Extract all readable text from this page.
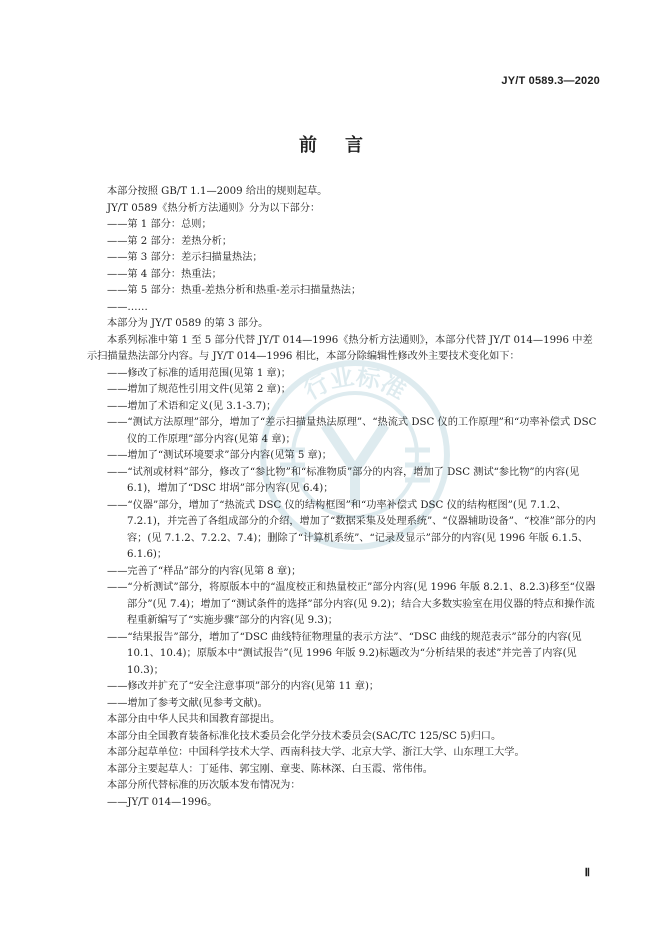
行业标准
JY/T 0589.3—2020
前言
本部分按照 GB/T 1.1—2009 给出的规则起草。
JY/T 0589《热分析方法通则》分为以下部分：
——第 1 部分：总则；
——第 2 部分：差热分析；
——第 3 部分：差示扫描量热法；
——第 4 部分：热重法；
——第 5 部分：热重-差热分析和热重-差示扫描量热法；
——……
本部分为 JY/T 0589 的第 3 部分。
本系列标准中第 1 至 5 部分代替 JY/T 014—1996《热分析方法通则》，本部分代替 JY/T 014—1996 中差示扫描量热法部分内容。与 JY/T 014—1996 相比，本部分除编辑性修改外主要技术变化如下：
——修改了标准的适用范围(见第 1 章)；
——增加了规范性引用文件(见第 2 章)；
——增加了术语和定义(见 3.1-3.7)；
——“测试方法原理”部分，增加了“差示扫描量热法原理”、“热流式 DSC 仪的工作原理”和“功率补偿式 DSC 仪的工作原理”部分内容(见第 4 章)；
——增加了“测试环境要求”部分内容(见第 5 章)；
——“试剂或材料”部分，修改了“参比物”和“标准物质”部分的内容，增加了 DSC 测试“参比物”的内容(见 6.1)，增加了“DSC 坩埚”部分内容(见 6.4)；
——“仪器”部分，增加了“热流式 DSC 仪的结构框图”和“功率补偿式 DSC 仪的结构框图”(见 7.1.2、7.2.1)，并完善了各组成部分的介绍，增加了“数据采集及处理系统”、“仪器辅助设备”、“校准”部分的内容；(见 7.1.2、7.2.2、7.4)；删除了“计算机系统”、“记录及显示”部分的内容(见 1996 年版 6.1.5、6.1.6)；
——完善了“样品”部分的内容(见第 8 章)；
——“分析测试”部分，将原版本中的“温度校正和热量校正”部分内容(见 1996 年版 8.2.1、8.2.3)移至“仪器部分”(见 7.4)；增加了“测试条件的选择”部分内容(见 9.2)；结合大多数实验室在用仪器的特点和操作流程重新编写了“实施步骤”部分的内容(见 9.3)；
——“结果报告”部分，增加了“DSC 曲线特征物理量的表示方法”、“DSC 曲线的规范表示”部分的内容(见 10.1、10.4)；原版本中“测试报告”(见 1996 年版 9.2)标题改为“分析结果的表述”并完善了内容(见 10.3)；
——修改并扩充了“安全注意事项”部分的内容(见第 11 章)；
——增加了参考文献(见参考文献)。
本部分由中华人民共和国教育部提出。
本部分由全国教育装备标准化技术委员会化学分技术委员会(SAC/TC 125/SC 5)归口。
本部分起草单位：中国科学技术大学、西南科技大学、北京大学、浙江大学、山东理工大学。
本部分主要起草人：丁延伟、郭宝刚、章斐、陈林深、白玉霞、常伟伟。
本部分所代替标准的历次版本发布情况为：
——JY/T 014—1996。
Ⅱ
